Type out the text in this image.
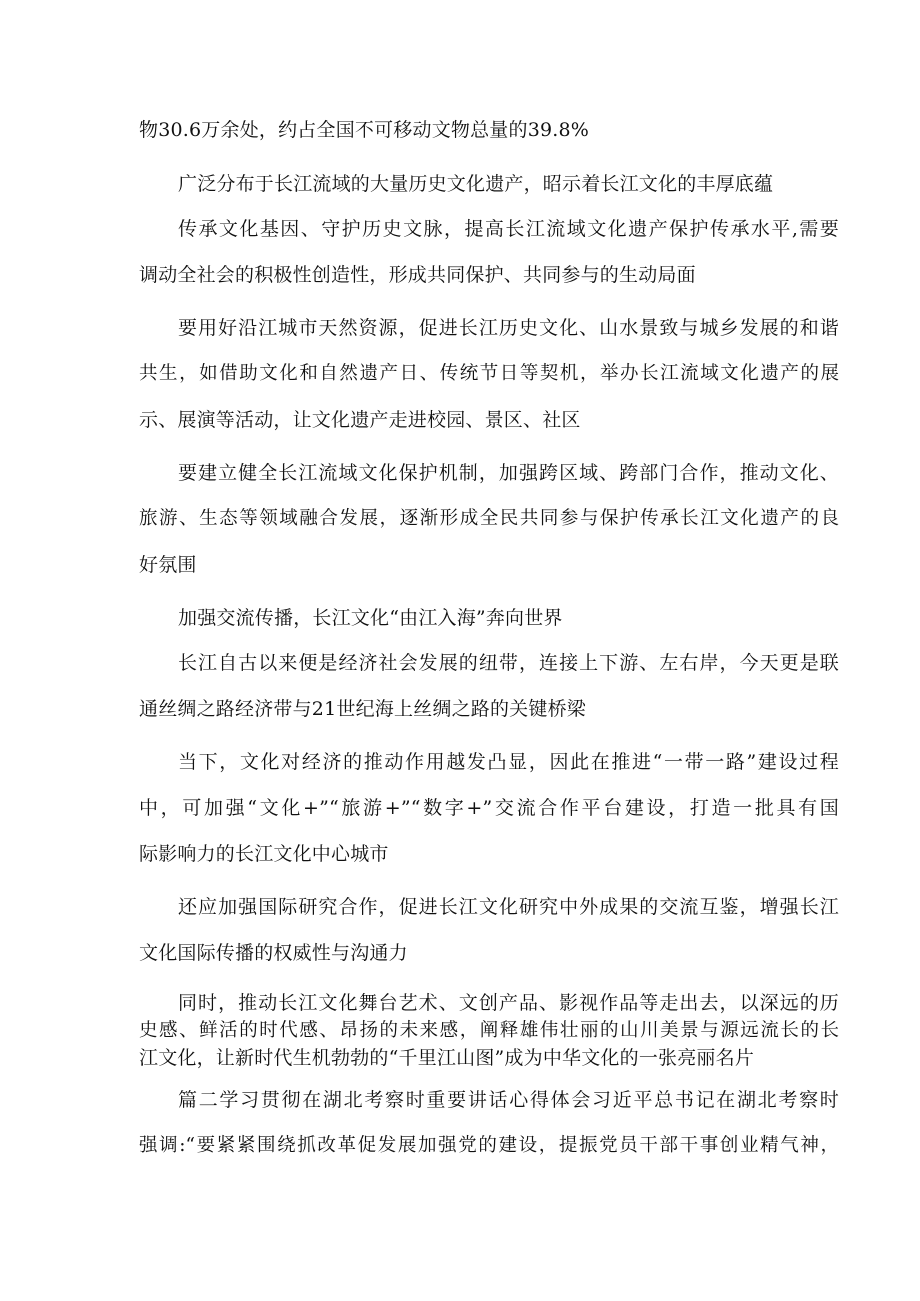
物30.6万余处，约占全国不可移动文物总量的39.8%
广泛分布于长江流域的大量历史文化遗产，昭示着长江文化的丰厚底蕴
传承文化基因、守护历史文脉，提高长江流域文化遗产保护传承水平,需要
调动全社会的积极性创造性，形成共同保护、共同参与的生动局面
要用好沿江城市天然资源，促进长江历史文化、山水景致与城乡发展的和谐
共生，如借助文化和自然遗产日、传统节日等契机，举办长江流域文化遗产的展
示、展演等活动，让文化遗产走进校园、景区、社区
要建立健全长江流域文化保护机制，加强跨区域、跨部门合作，推动文化、
旅游、生态等领域融合发展，逐渐形成全民共同参与保护传承长江文化遗产的良
好氛围
加强交流传播，长江文化“由江入海”奔向世界
长江自古以来便是经济社会发展的纽带，连接上下游、左右岸，今天更是联
通丝绸之路经济带与21世纪海上丝绸之路的关键桥梁
当下，文化对经济的推动作用越发凸显，因此在推进“一带一路”建设过程
中，可加强“文化+”“旅游+”“数字+”交流合作平台建设，打造一批具有国
际影响力的长江文化中心城市
还应加强国际研究合作，促进长江文化研究中外成果的交流互鉴，增强长江
文化国际传播的权威性与沟通力
同时，推动长江文化舞台艺术、文创产品、影视作品等走出去，以深远的历
史感、鲜活的时代感、昂扬的未来感，阐释雄伟壮丽的山川美景与源远流长的长
江文化，让新时代生机勃勃的“千里江山图”成为中华文化的一张亮丽名片
篇二学习贯彻在湖北考察时重要讲话心得体会习近平总书记在湖北考察时
强调:“要紧紧围绕抓改革促发展加强党的建设，提振党员干部干事创业精气神，
